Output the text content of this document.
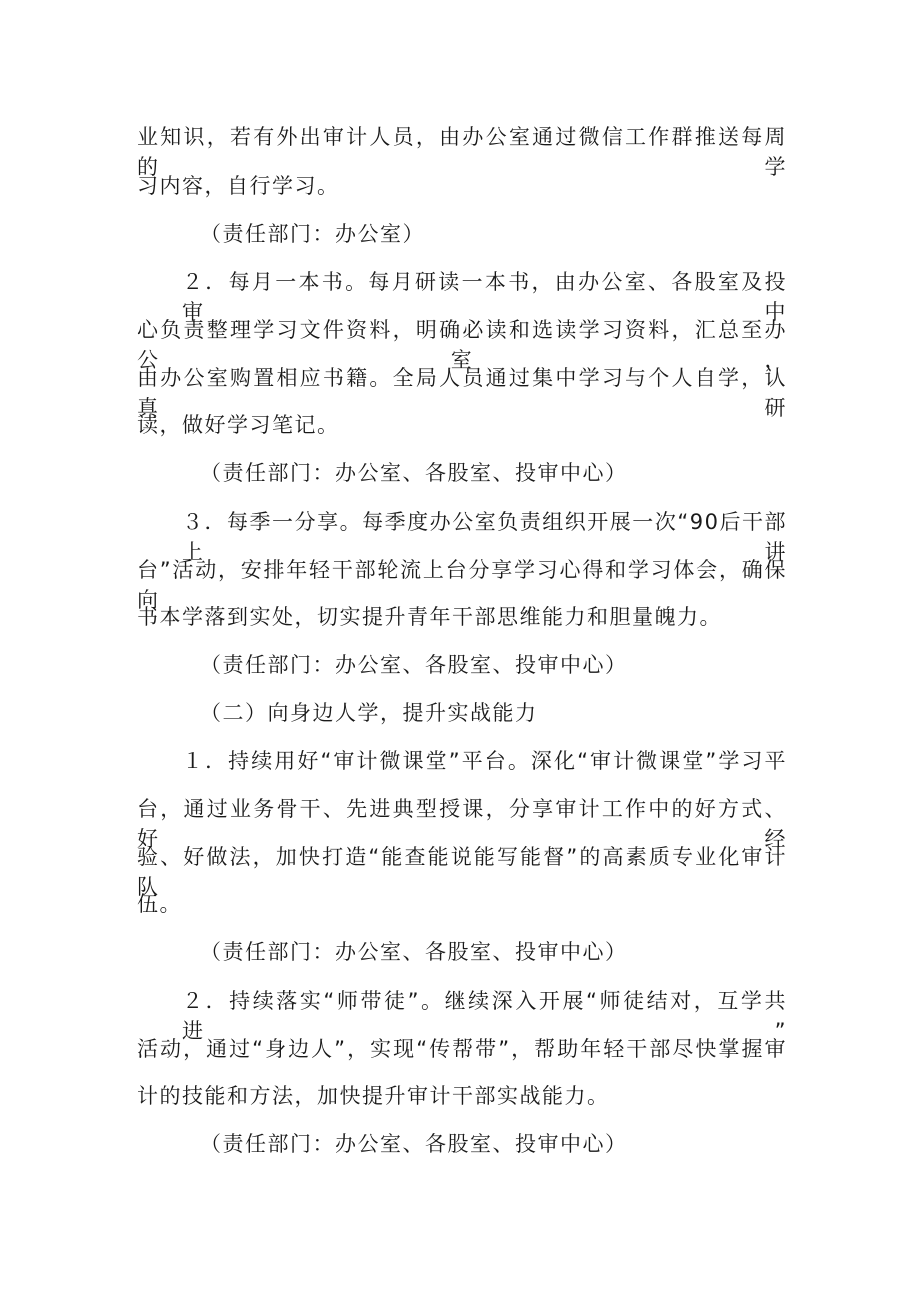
业知识，若有外出审计人员，由办公室通过微信工作群推送每周的学

习内容，自行学习。

（责任部门：办公室）

２．每月一本书。每月研读一本书，由办公室、各股室及投审中

心负责整理学习文件资料，明确必读和选读学习资料，汇总至办公室，

由办公室购置相应书籍。全局人员通过集中学习与个人自学，认真研

读，做好学习笔记。

（责任部门：办公室、各股室、投审中心）

３．每季一分享。每季度办公室负责组织开展一次“90后干部上讲

台”活动，安排年轻干部轮流上台分享学习心得和学习体会，确保向

书本学落到实处，切实提升青年干部思维能力和胆量魄力。

（责任部门：办公室、各股室、投审中心）

（二）向身边人学，提升实战能力

１．持续用好“审计微课堂”平台。深化“审计微课堂”学习平

台，通过业务骨干、先进典型授课，分享审计工作中的好方式、好经

验、好做法，加快打造“能查能说能写能督”的高素质专业化审计队

伍。

（责任部门：办公室、各股室、投审中心）

２．持续落实“师带徒”。继续深入开展“师徒结对，互学共进”

活动，通过“身边人”，实现“传帮带”，帮助年轻干部尽快掌握审

计的技能和方法，加快提升审计干部实战能力。

（责任部门：办公室、各股室、投审中心）
